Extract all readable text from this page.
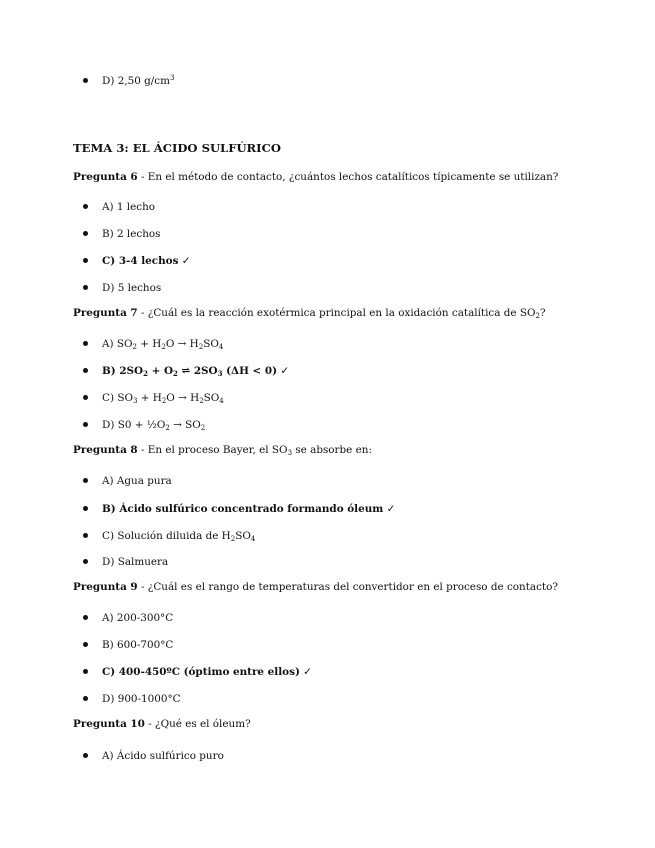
D) 2,50 $g/cm^3$
TEMA 3: EL ÁCIDO SULFÚRICO
Pregunta 6 - En el método de contacto, ¿cuántos lechos catalíticos típicamente se utilizan?
A) 1 lecho
B) 2 lechos
C) 3-4 lechos ✓
D) 5 lechos
Pregunta 7 - ¿Cuál es la reacción exotérmica principal en la oxidación catalítica de $SO_2$?
A) $SO_2 + H_2O \to H_2SO_4$
B) $2SO_2 + O_2$ ⇌ $2SO_3$ (ΔH < 0) ✓
C) $SO_3 + H_2O \to H_2SO_4$
D) $S0 + \frac{1}{2}O_2 \to SO_2$
Pregunta 8 - En el proceso Bayer, el $SO_3$ se absorbe en:
A) Agua pura
B) Ácido sulfúrico concentrado formando óleum ✓
C) Solución diluida de $H_2SO_4$
D) Salmuera
Pregunta 9 - ¿Cuál es el rango de temperaturas del convertidor en el proceso de contacto?
A) 200-300°C
B) 600-700°C
C) 400-450ºC (óptimo entre ellos) ✓
D) 900-1000°C
Pregunta 10 - ¿Qué es el óleum?
A) Ácido sulfúrico puro
